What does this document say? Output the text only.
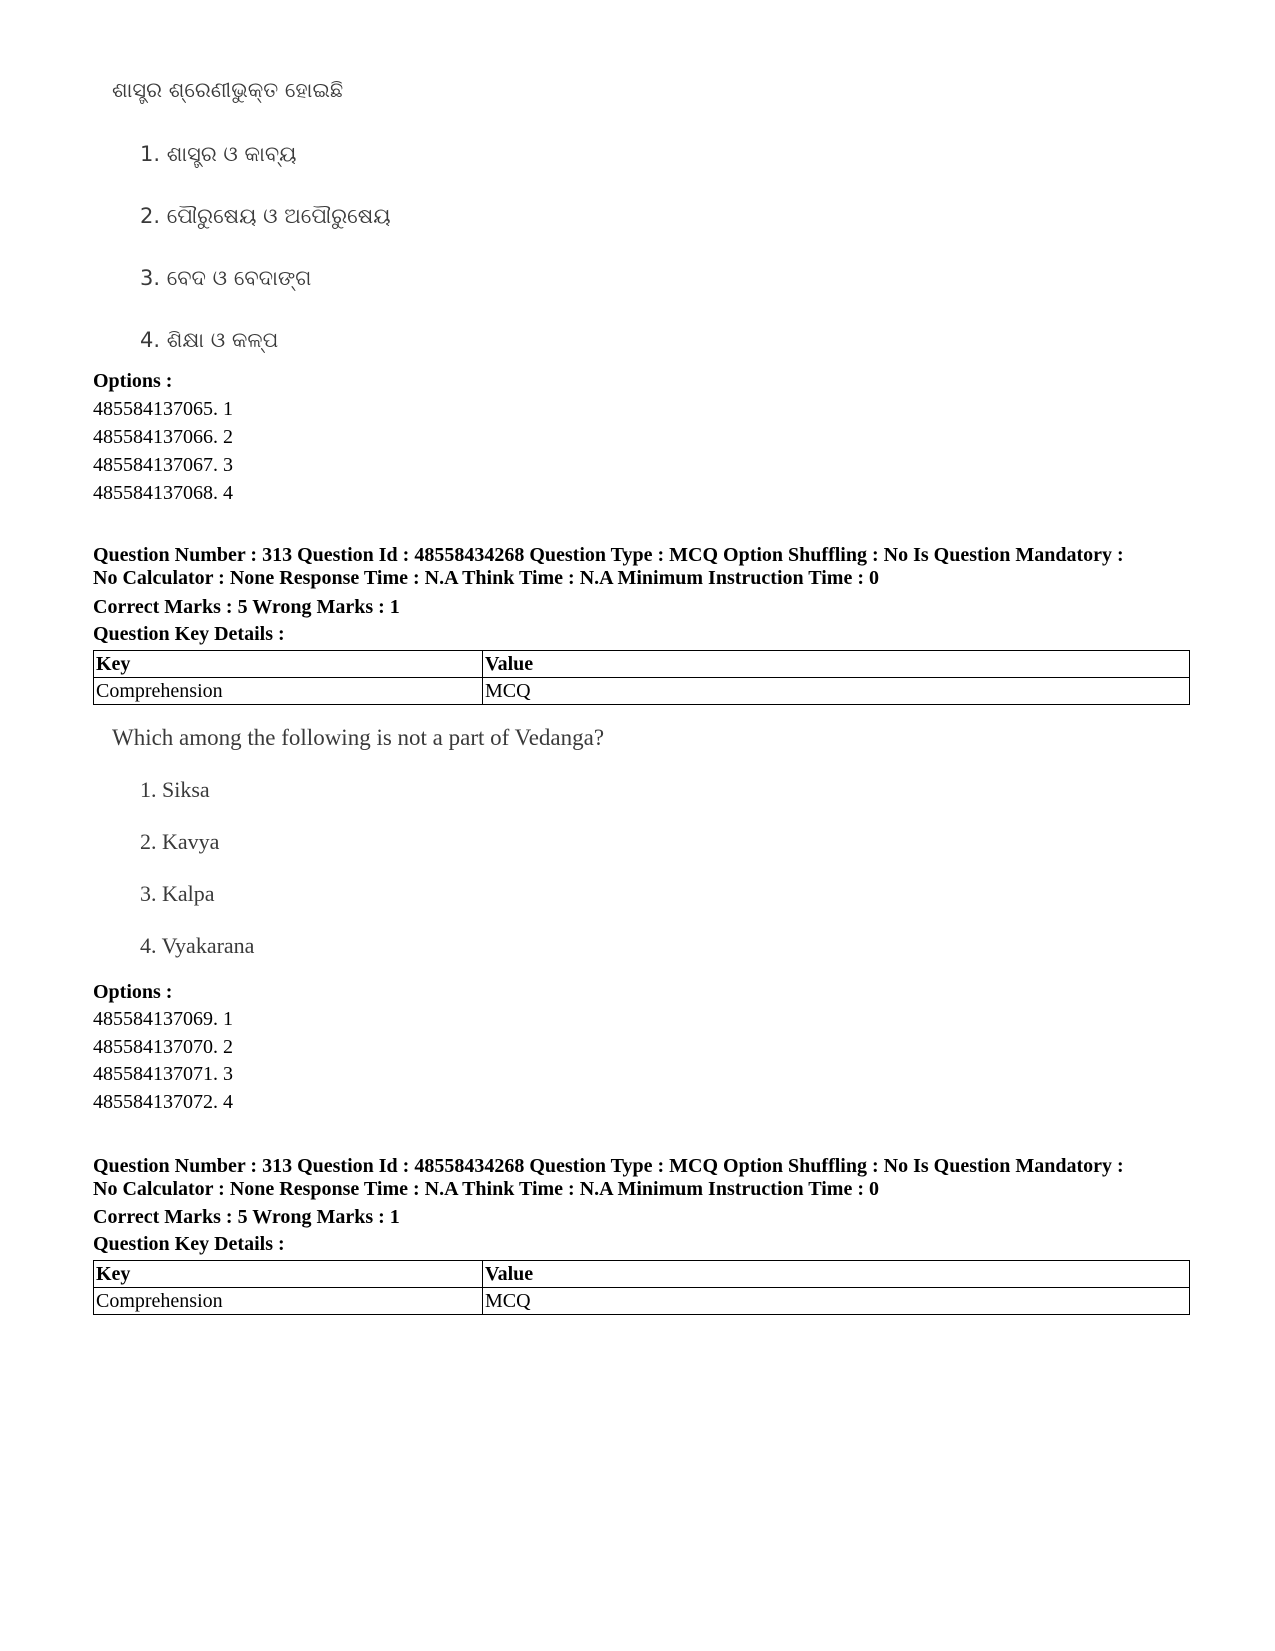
ଶାସ୍ତ୍ର ଶ୍ରେଣୀଭୁକ୍ତ ହୋଇଛି
1. ଶାସ୍ତ୍ର ଓ କାବ୍ୟ
2. ପୌରୁଷେୟ ଓ ଅପୌରୁଷେୟ
3. ବେଦ ଓ ବେଦାଙ୍ଗ
4. ଶିକ୍ଷା ଓ କଳ୍ପ
Options :
485584137065. 1
485584137066. 2
485584137067. 3
485584137068. 4
Question Number : 313 Question Id : 48558434268 Question Type : MCQ Option Shuffling : No Is Question Mandatory :
No Calculator : None Response Time : N.A Think Time : N.A Minimum Instruction Time : 0
Correct Marks : 5 Wrong Marks : 1
Question Key Details :
Key	Value
Comprehension	MCQ
Which among the following is not a part of Vedanga?
1. Siksa
2. Kavya
3. Kalpa
4. Vyakarana
Options :
485584137069. 1
485584137070. 2
485584137071. 3
485584137072. 4
Question Number : 313 Question Id : 48558434268 Question Type : MCQ Option Shuffling : No Is Question Mandatory :
No Calculator : None Response Time : N.A Think Time : N.A Minimum Instruction Time : 0
Correct Marks : 5 Wrong Marks : 1
Question Key Details :
Key	Value
Comprehension	MCQ
